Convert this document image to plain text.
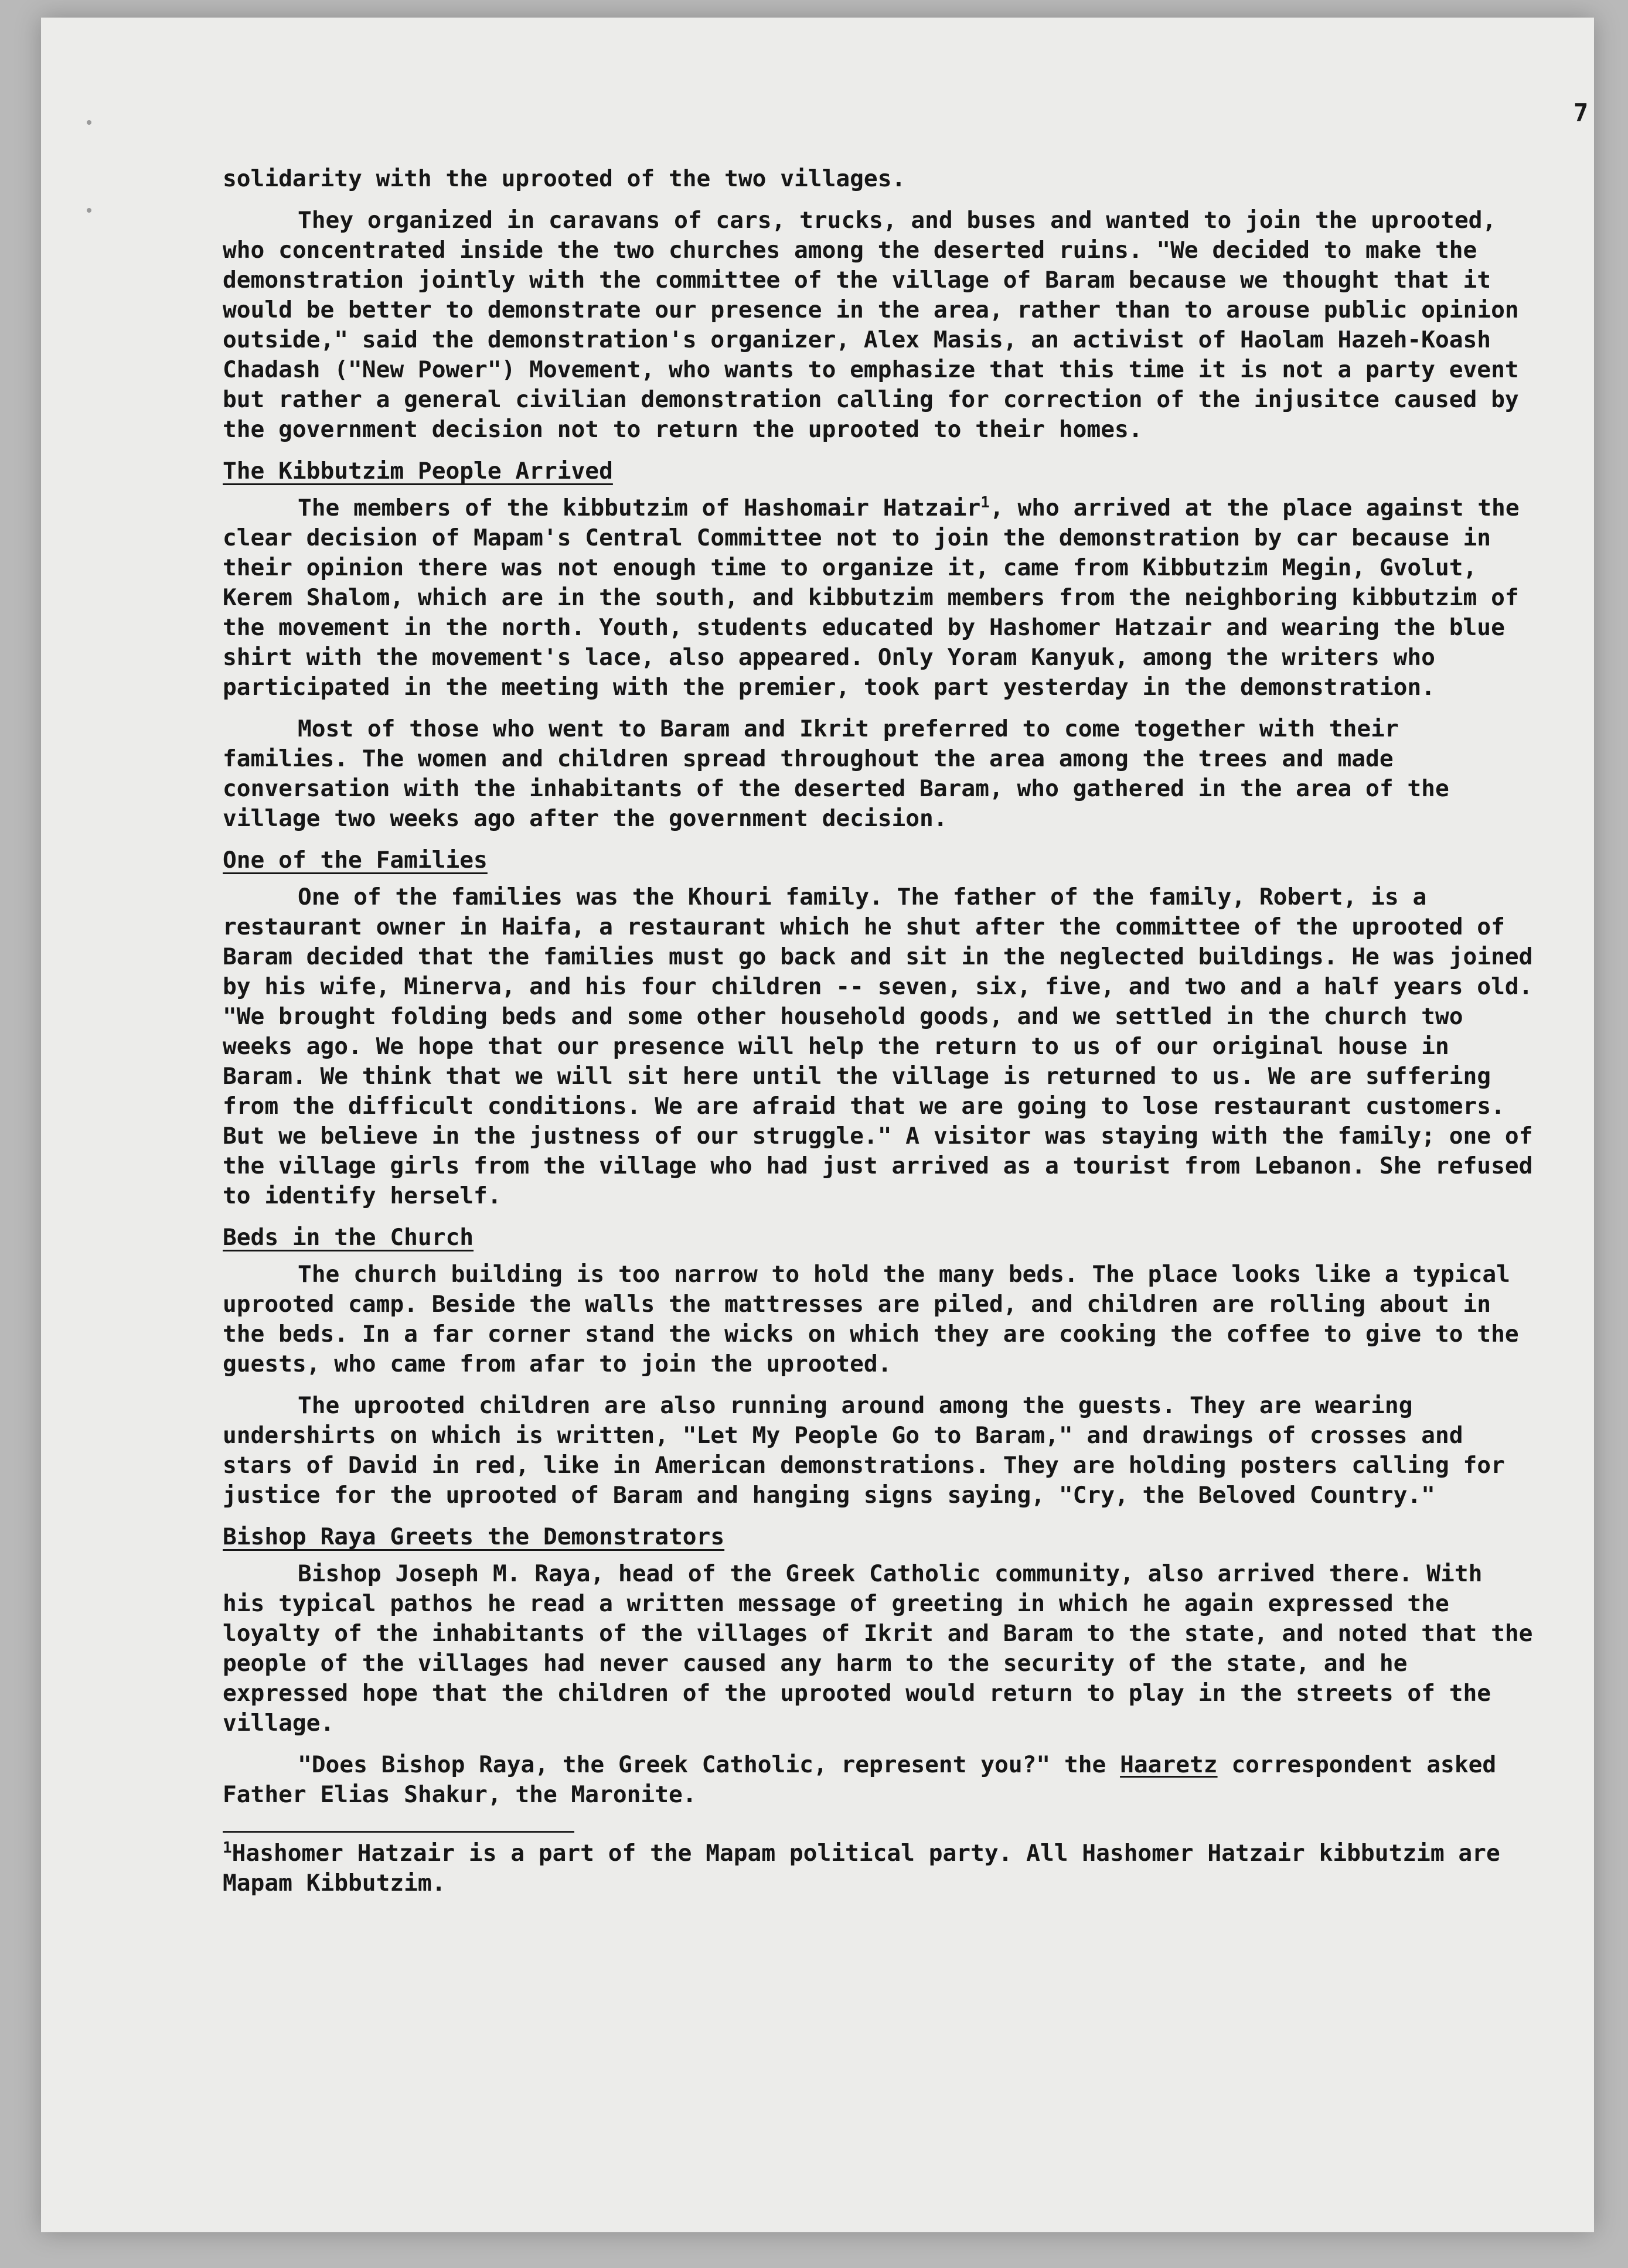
7

solidarity with the uprooted of the two villages.

They organized in caravans of cars, trucks, and buses and wanted to join the uprooted, who concentrated inside the two churches among the deserted ruins. "We decided to make the demonstration jointly with the committee of the village of Baram because we thought that it would be better to demonstrate our presence in the area, rather than to arouse public opinion outside," said the demonstration's organizer, Alex Masis, an activist of Haolam Hazeh-Koash Chadash ("New Power") Movement, who wants to emphasize that this time it is not a party event but rather a general civilian demonstration calling for correction of the injusitce caused by the government decision not to return the uprooted to their homes.

The Kibbutzim People Arrived

The members of the kibbutzim of Hashomair Hatzair$^1$, who arrived at the place against the clear decision of Mapam's Central Committee not to join the demonstration by car because in their opinion there was not enough time to organize it, came from Kibbutzim Megin, Gvolut, Kerem Shalom, which are in the south, and kibbutzim members from the neighboring kibbutzim of the movement in the north. Youth, students educated by Hashomer Hatzair and wearing the blue shirt with the movement's lace, also appeared. Only Yoram Kanyuk, among the writers who participated in the meeting with the premier, took part yesterday in the demonstration.

Most of those who went to Baram and Ikrit preferred to come together with their families. The women and children spread throughout the area among the trees and made conversation with the inhabitants of the deserted Baram, who gathered in the area of the village two weeks ago after the government decision.

One of the Families

One of the families was the Khouri family. The father of the family, Robert, is a restaurant owner in Haifa, a restaurant which he shut after the committee of the uprooted of Baram decided that the families must go back and sit in the neglected buildings. He was joined by his wife, Minerva, and his four children -- seven, six, five, and two and a half years old. "We brought folding beds and some other household goods, and we settled in the church two weeks ago. We hope that our presence will help the return to us of our original house in Baram. We think that we will sit here until the village is returned to us. We are suffering from the difficult conditions. We are afraid that we are going to lose restaurant customers. But we believe in the justness of our struggle." A visitor was staying with the family; one of the village girls from the village who had just arrived as a tourist from Lebanon. She refused to identify herself.

Beds in the Church

The church building is too narrow to hold the many beds. The place looks like a typical uprooted camp. Beside the walls the mattresses are piled, and children are rolling about in the beds. In a far corner stand the wicks on which they are cooking the coffee to give to the guests, who came from afar to join the uprooted.

The uprooted children are also running around among the guests. They are wearing undershirts on which is written, "Let My People Go to Baram," and drawings of crosses and stars of David in red, like in American demonstrations. They are holding posters calling for justice for the uprooted of Baram and hanging signs saying, "Cry, the Beloved Country."

Bishop Raya Greets the Demonstrators

Bishop Joseph M. Raya, head of the Greek Catholic community, also arrived there. With his typical pathos he read a written message of greeting in which he again expressed the loyalty of the inhabitants of the villages of Ikrit and Baram to the state, and noted that the people of the villages had never caused any harm to the security of the state, and he expressed hope that the children of the uprooted would return to play in the streets of the village.

"Does Bishop Raya, the Greek Catholic, represent you?" the Haaretz correspondent asked Father Elias Shakur, the Maronite.

$^1$Hashomer Hatzair is a part of the Mapam political party. All Hashomer Hatzair kibbutzim are Mapam Kibbutzim.
